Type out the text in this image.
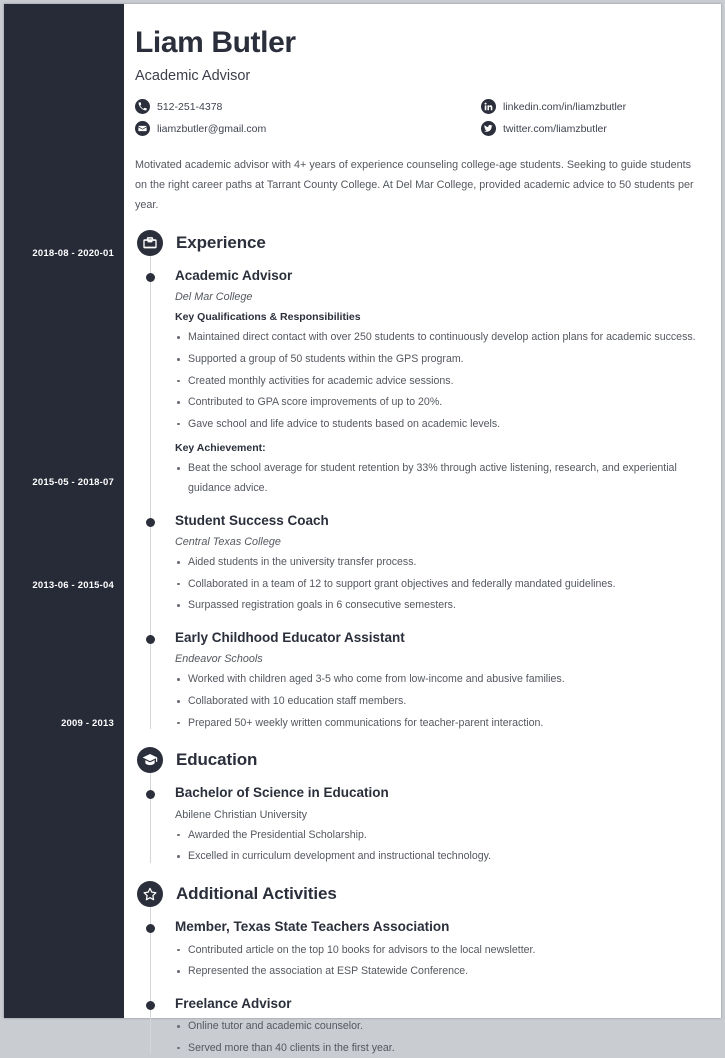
2018-08 - 2020-01
2015-05 - 2018-07
2013-06 - 2015-04
2009 - 2013
Liam Butler
Academic Advisor
512-251-4378
liamzbutler@gmail.com
linkedin.com/in/liamzbutler
twitter.com/liamzbutler
Motivated academic advisor with 4+ years of experience counseling college-age students. Seeking to guide students on the right career paths at Tarrant County College. At Del Mar College, provided academic advice to 50 students per year.
Experience
Academic Advisor
Del Mar College
Key Qualifications & Responsibilities
Maintained direct contact with over 250 students to continuously develop action plans for academic success.
Supported a group of 50 students within the GPS program.
Created monthly activities for academic advice sessions.
Contributed to GPA score improvements of up to 20%.
Gave school and life advice to students based on academic levels.
Key Achievement:
Beat the school average for student retention by 33% through active listening, research, and experiential guidance advice.
Student Success Coach
Central Texas College
Aided students in the university transfer process.
Collaborated in a team of 12 to support grant objectives and federally mandated guidelines.
Surpassed registration goals in 6 consecutive semesters.
Early Childhood Educator Assistant
Endeavor Schools
Worked with children aged 3-5 who come from low-income and abusive families.
Collaborated with 10 education staff members.
Prepared 50+ weekly written communications for teacher-parent interaction.
Education
Bachelor of Science in Education
Abilene Christian University
Awarded the Presidential Scholarship.
Excelled in curriculum development and instructional technology.
Additional Activities
Member, Texas State Teachers Association
Contributed article on the top 10 books for advisors to the local newsletter.
Represented the association at ESP Statewide Conference.
Freelance Advisor
Online tutor and academic counselor.
Served more than 40 clients in the first year.
